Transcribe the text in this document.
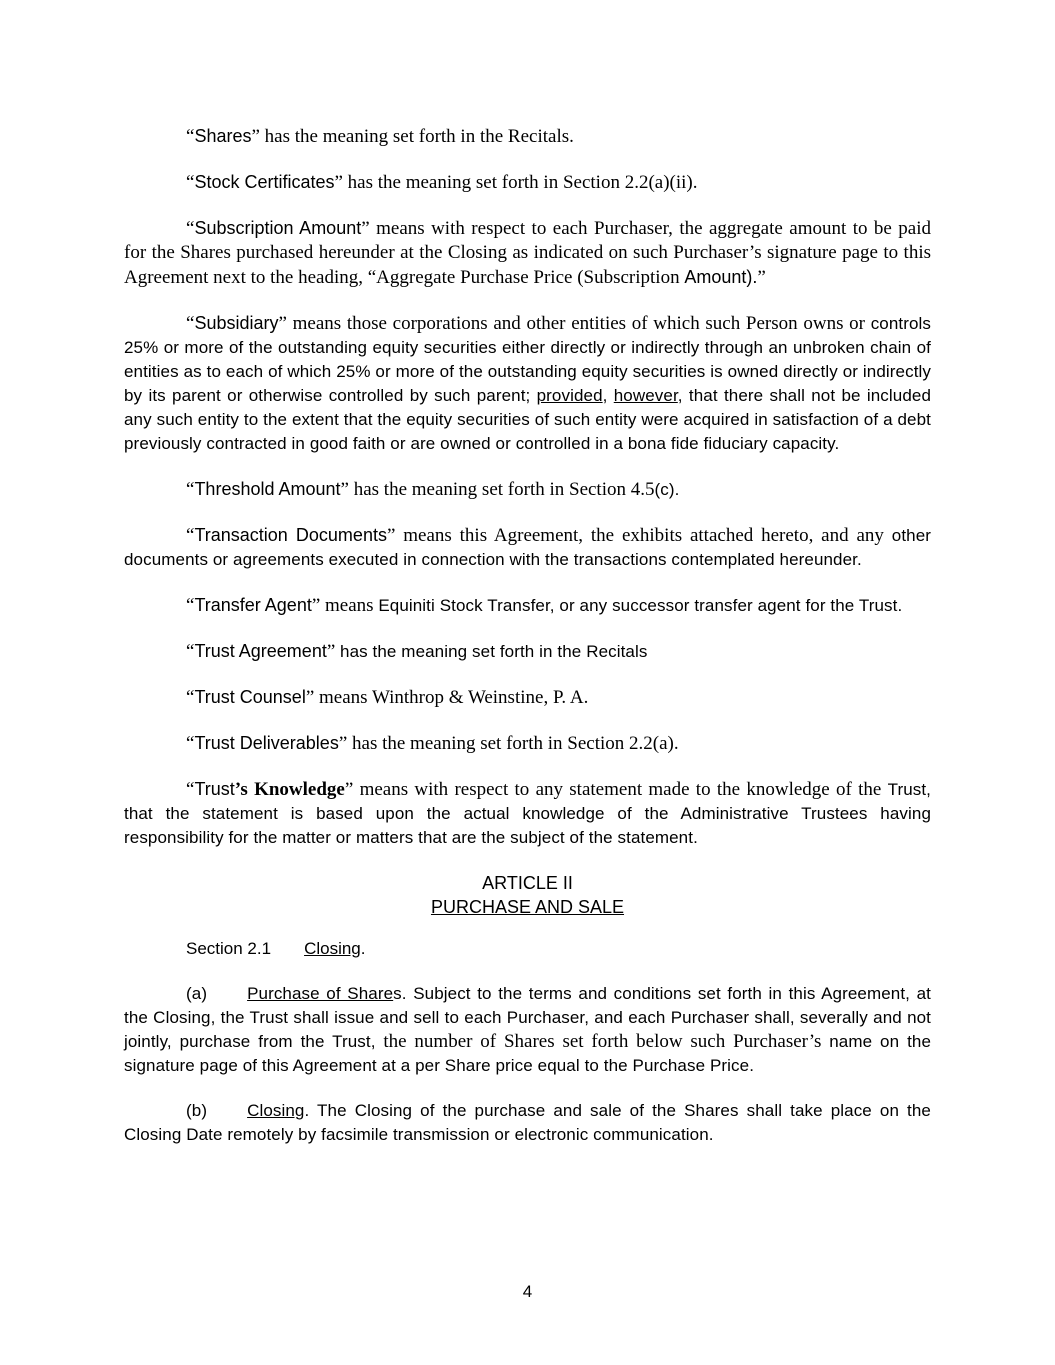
“Shares” has the meaning set forth in the Recitals.

“Stock Certificates” has the meaning set forth in Section 2.2(a)(ii).

“Subscription Amount” means with respect to each Purchaser, the aggregate amount to be paid for the Shares purchased hereunder at the Closing as indicated on such Purchaser’s signature page to this Agreement next to the heading, “Aggregate Purchase Price (Subscription Amount).”

“Subsidiary” means those corporations and other entities of which such Person owns or controls 25% or more of the outstanding equity securities either directly or indirectly through an unbroken chain of entities as to each of which 25% or more of the outstanding equity securities is owned directly or indirectly by its parent or otherwise controlled by such parent; provided, however, that there shall not be included any such entity to the extent that the equity securities of such entity were acquired in satisfaction of a debt previously contracted in good faith or are owned or controlled in a bona fide fiduciary capacity.

“Threshold Amount” has the meaning set forth in Section 4.5(c).

“Transaction Documents” means this Agreement, the exhibits attached hereto, and any other documents or agreements executed in connection with the transactions contemplated hereunder.

“Transfer Agent” means Equiniti Stock Transfer, or any successor transfer agent for the Trust.

“Trust Agreement” has the meaning set forth in the Recitals

“Trust Counsel” means Winthrop & Weinstine, P. A.

“Trust Deliverables” has the meaning set forth in Section 2.2(a).

“Trust’s Knowledge” means with respect to any statement made to the knowledge of the Trust, that the statement is based upon the actual knowledge of the Administrative Trustees having responsibility for the matter or matters that are the subject of the statement.

ARTICLE II
PURCHASE AND SALE

Section 2.1 Closing.

(a) Purchase of Shares. Subject to the terms and conditions set forth in this Agreement, at the Closing, the Trust shall issue and sell to each Purchaser, and each Purchaser shall, severally and not jointly, purchase from the Trust, the number of Shares set forth below such Purchaser’s name on the signature page of this Agreement at a per Share price equal to the Purchase Price.

(b) Closing. The Closing of the purchase and sale of the Shares shall take place on the Closing Date remotely by facsimile transmission or electronic communication.

4
